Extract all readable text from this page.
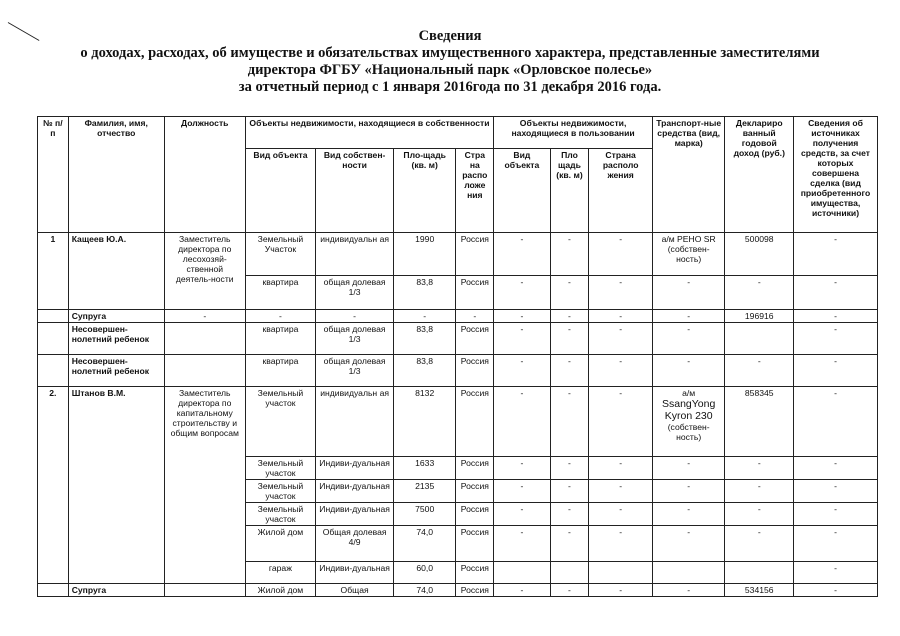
Сведения
о доходах, расходах, об имуществе и обязательствах имущественного характера, представленные заместителями
директора ФГБУ «Национальный парк «Орловское полесье»
за отчетный период с 1 января 2016года по 31 декабря 2016 года.
№ п/п	Фамилия, имя, отчество	Должность	Объекты недвижимости, находящиеся в собственности				Объекты недвижимости, находящиеся в пользовании			Транспорт-ные средства (вид, марка)	Деклариро ванный годовой доход (руб.)	Сведения об источниках получения средств, за счет которых совершена сделка (вид приобретенного имущества, источники)
			Вид объекта	Вид собствен-ности	Пло-щадь (кв. м)	Стра на распо ложе ния	Вид объекта	Пло щадь (кв. м)	Страна располо жения			
1	Кащеев Ю.А.	Заместитель директора по лесохозяй-ственной деятель-ности	Земельный Участок	индивидуальн ая	1990	Россия	-	-	-	а/м РЕНО SR (собствен-ность)	500098	-
			квартира	общая долевая 1/3	83,8	Россия	-	-	-	-	-	-
	Супруга	-	-	-	-	-	-	-	-	-	196916	-
	Несовершен-нолетний ребенок		квартира	общая долевая 1/3	83,8	Россия	-	-	-	-		-
	Несовершен-нолетний ребенок		квартира	общая долевая 1/3	83,8	Россия	-	-	-	-	-	-
2.	Штанов В.М.	Заместитель директора по капитальному строительству и общим вопросам	Земельный участок	индивидуальн ая	8132	Россия	-	-	-	а/м
SsangYong Kyron 230
(собствен-ность)	858345	-
			Земельный участок	Индиви-дуальная	1633	Россия	-	-	-	-	-	-
			Земельный участок	Индиви-дуальная	2135	Россия	-	-	-	-	-	-
			Земельный участок	Индиви-дуальная	7500	Россия	-	-	-	-	-	-
			Жилой дом	Общая долевая 4/9	74,0	Россия	-	-	-	-	-	-
			гараж	Индиви-дуальная	60,0	Россия						-
	Супруга		Жилой дом	Общая	74,0	Россия	-	-	-	-	534156	-
